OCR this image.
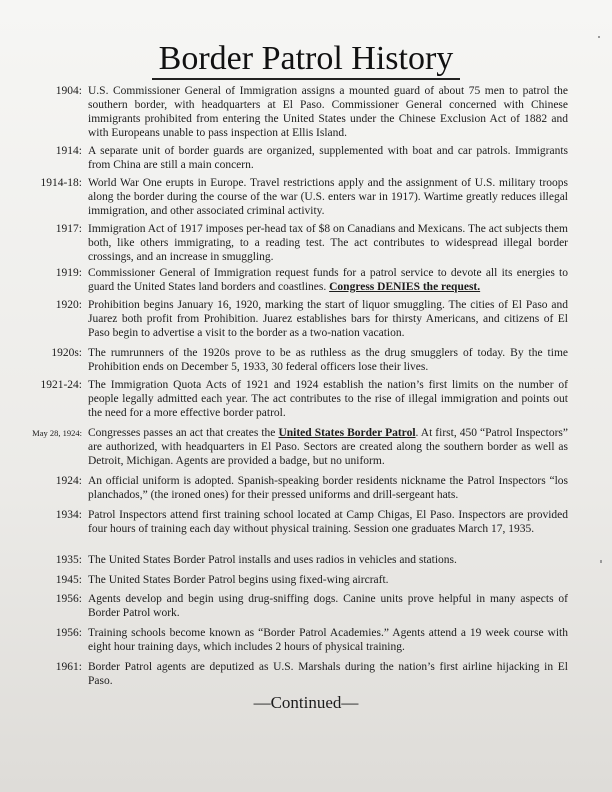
Border Patrol History
1904: U.S. Commissioner General of Immigration assigns a mounted guard of about 75 men to patrol the southern border, with headquarters at El Paso. Commissioner General concerned with Chinese immigrants prohibited from entering the United States under the Chinese Exclusion Act of 1882 and with Europeans unable to pass inspection at Ellis Island.
1914: A separate unit of border guards are organized, supplemented with boat and car patrols. Immigrants from China are still a main concern.
1914-18: World War One erupts in Europe. Travel restrictions apply and the assignment of U.S. military troops along the border during the course of the war (U.S. enters war in 1917). Wartime greatly reduces illegal immigration, and other associated criminal activity.
1917: Immigration Act of 1917 imposes per-head tax of $8 on Canadians and Mexicans. The act subjects them both, like others immigrating, to a reading test. The act contributes to widespread illegal border crossings, and an increase in smuggling.
1919: Commissioner General of Immigration request funds for a patrol service to devote all its energies to guard the United States land borders and coastlines. Congress DENIES the request.
1920: Prohibition begins January 16, 1920, marking the start of liquor smuggling. The cities of El Paso and Juarez both profit from Prohibition. Juarez establishes bars for thirsty Americans, and citizens of El Paso begin to advertise a visit to the border as a two-nation vacation.
1920s: The rumrunners of the 1920s prove to be as ruthless as the drug smugglers of today. By the time Prohibition ends on December 5, 1933, 30 federal officers lose their lives.
1921-24: The Immigration Quota Acts of 1921 and 1924 establish the nation’s first limits on the number of people legally admitted each year. The act contributes to the rise of illegal immigration and points out the need for a more effective border patrol.
May 28, 1924: Congresses passes an act that creates the United States Border Patrol. At first, 450 “Patrol Inspectors” are authorized, with headquarters in El Paso. Sectors are created along the southern border as well as Detroit, Michigan. Agents are provided a badge, but no uniform.
1924: An official uniform is adopted. Spanish-speaking border residents nickname the Patrol Inspectors “los planchados,” (the ironed ones) for their pressed uniforms and drill-sergeant hats.
1934: Patrol Inspectors attend first training school located at Camp Chigas, El Paso. Inspectors are provided four hours of training each day without physical training. Session one graduates March 17, 1935.
1935: The United States Border Patrol installs and uses radios in vehicles and stations.
1945: The United States Border Patrol begins using fixed-wing aircraft.
1956: Agents develop and begin using drug-sniffing dogs. Canine units prove helpful in many aspects of Border Patrol work.
1956: Training schools become known as “Border Patrol Academies.” Agents attend a 19 week course with eight hour training days, which includes 2 hours of physical training.
1961: Border Patrol agents are deputized as U.S. Marshals during the nation’s first airline hijacking in El Paso.
—Continued—
